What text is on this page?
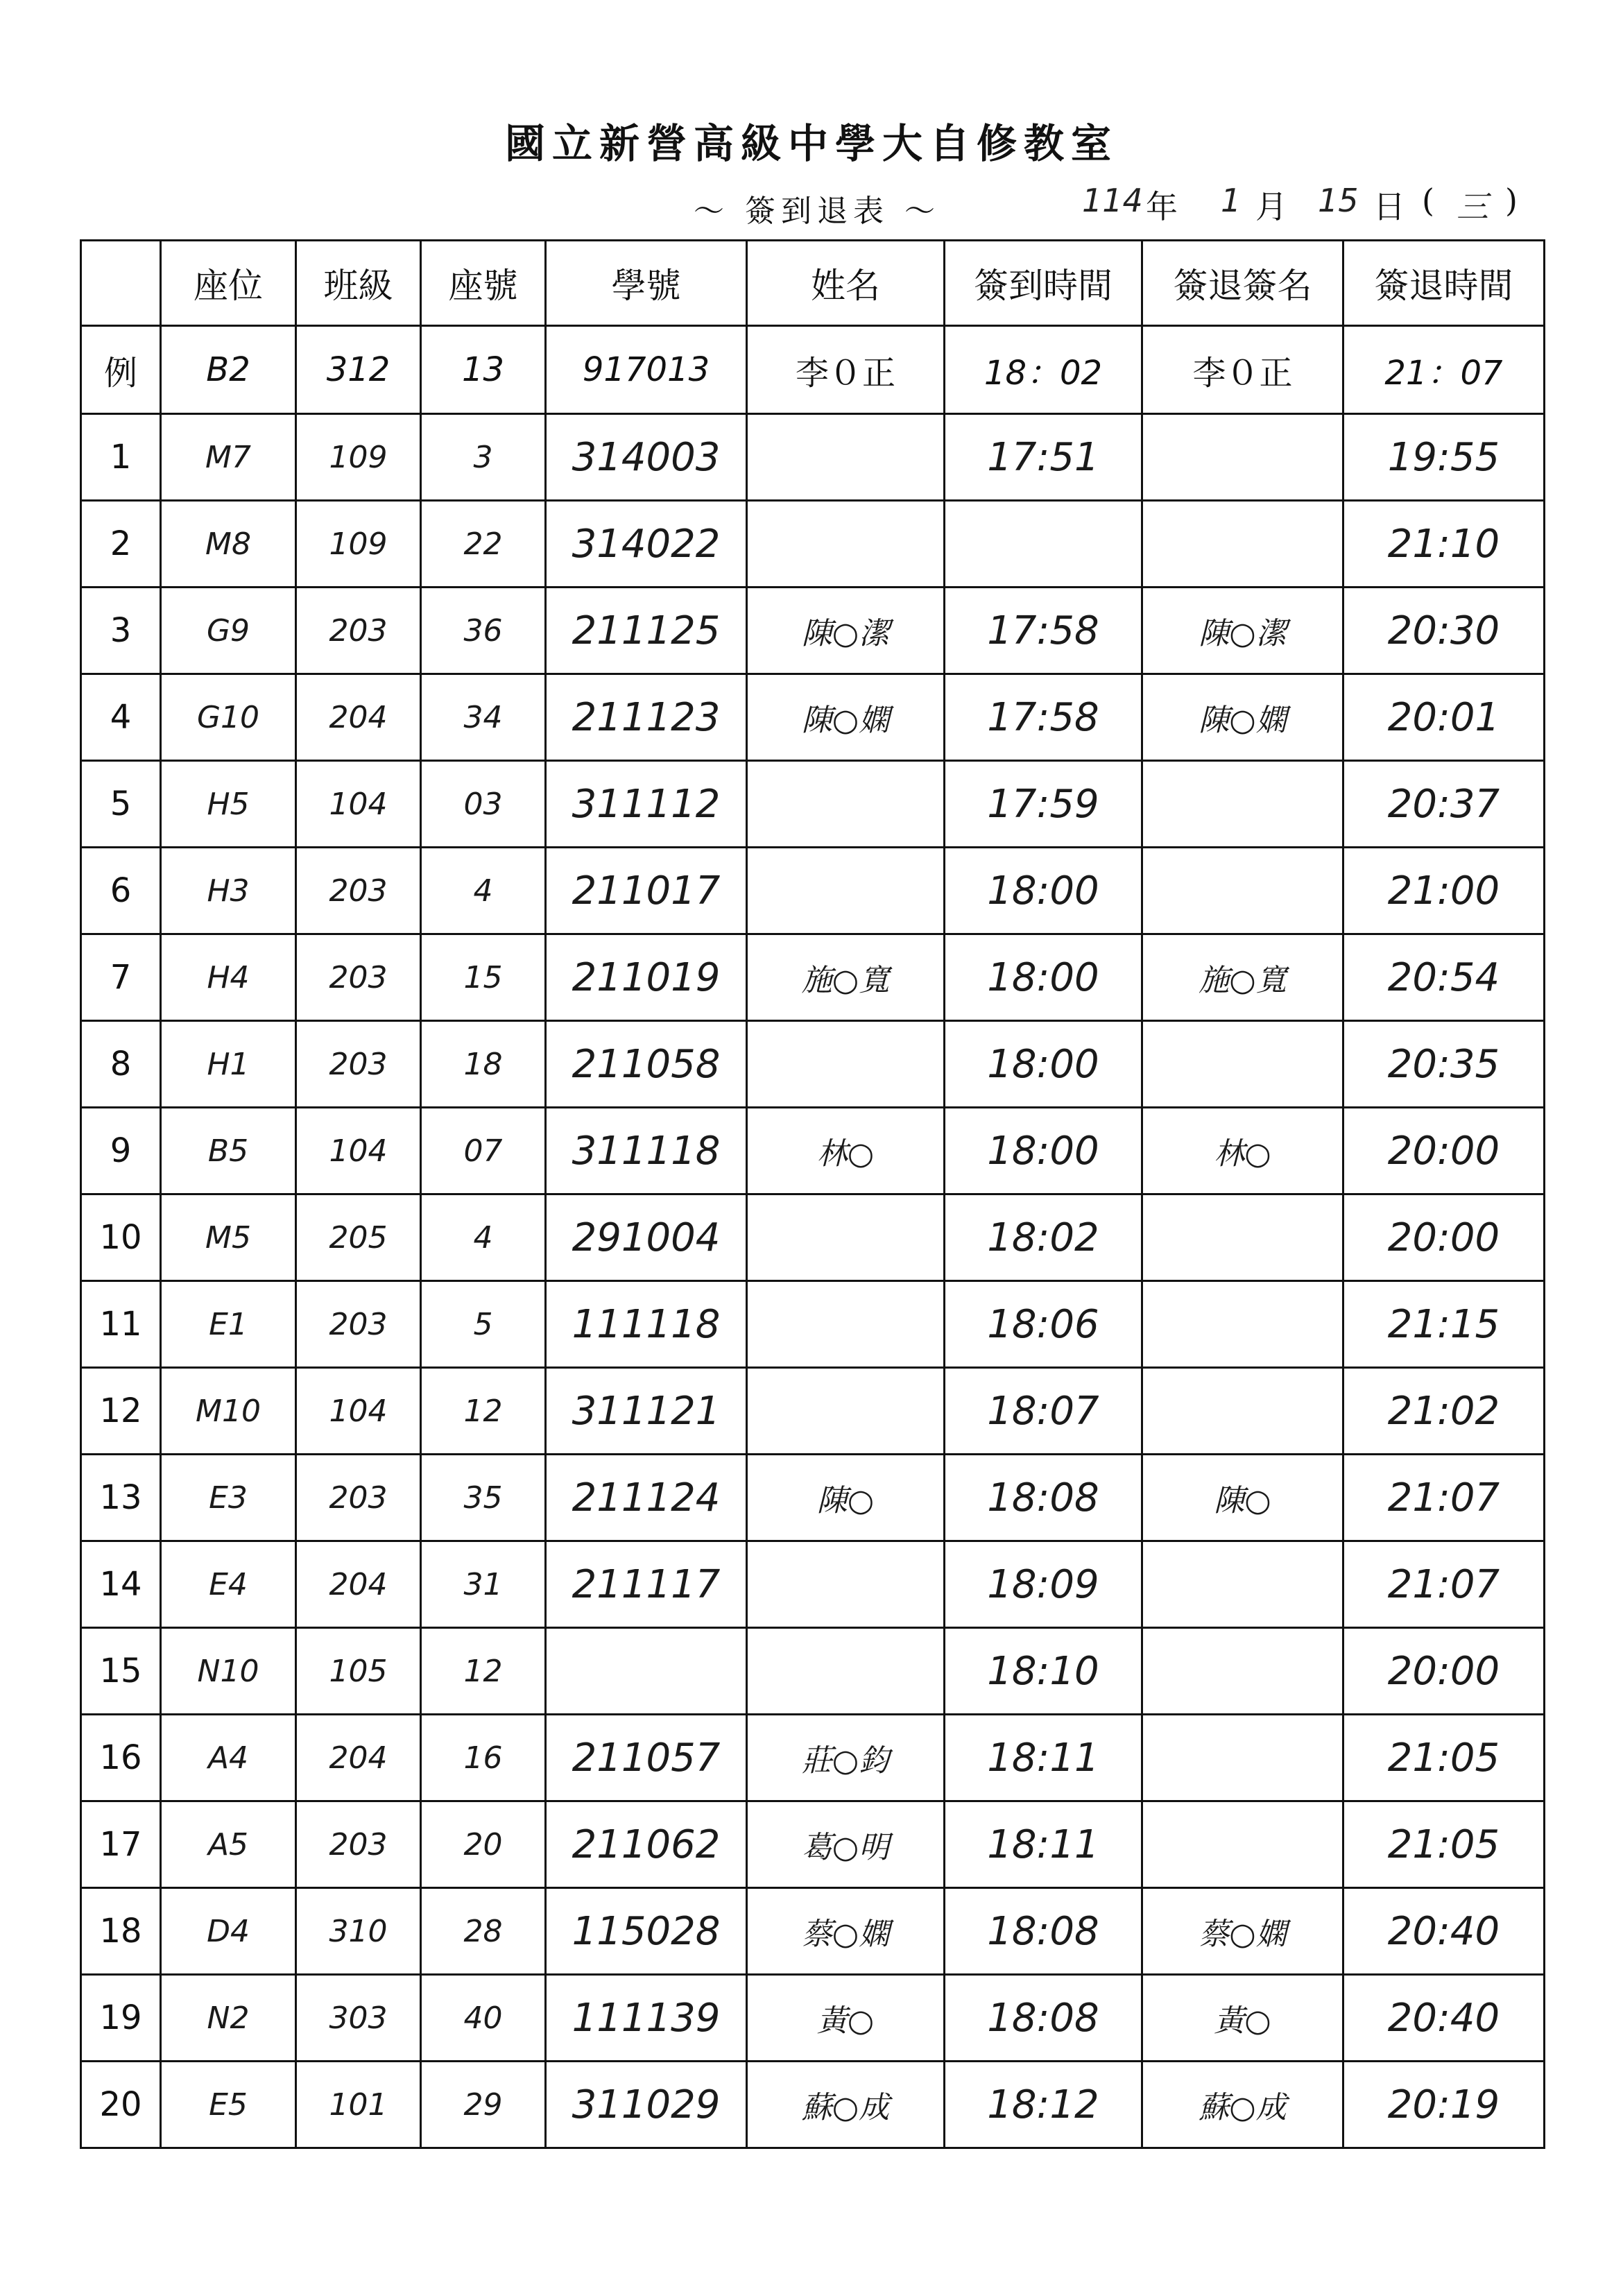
國立新營高級中學大自修教室
～ 簽到退表 ～	114 年 1 月 15 日 ( 三 )
	座位	班級	座號	學號	姓名	簽到時間	簽退簽名	簽退時間
例	B2	312	13	917013	李０正	18：02	李０正	21：07
1	M7	109	3	314003		17:51		19:55
2	M8	109	22	314022				21:10
3	G9	203	36	211125	陳○潔	17:58	陳○潔	20:30
4	G10	204	34	211123	陳○嫻	17:58	陳○嫻	20:01
5	H5	104	03	311112		17:59		20:37
6	H3	203	4	211017		18:00		21:00
7	H4	203	15	211019	施○寬	18:00	施○寬	20:54
8	H1	203	18	211058		18:00		20:35
9	B5	104	07	311118	林○	18:00	林○	20:00
10	M5	205	4	291004		18:02		20:00
11	E1	203	5	111118		18:06		21:15
12	M10	104	12	311121		18:07		21:02
13	E3	203	35	211124	陳○	18:08	陳○	21:07
14	E4	204	31	211117		18:09		21:07
15	N10	105	12			18:10		20:00
16	A4	204	16	211057	莊○鈞	18:11		21:05
17	A5	203	20	211062	葛○明	18:11		21:05
18	D4	310	28	115028	蔡○嫻	18:08	蔡○嫻	20:40
19	N2	303	40	111139	黃○	18:08	黃○	20:40
20	E5	101	29	311029	蘇○成	18:12	蘇○成	20:19
